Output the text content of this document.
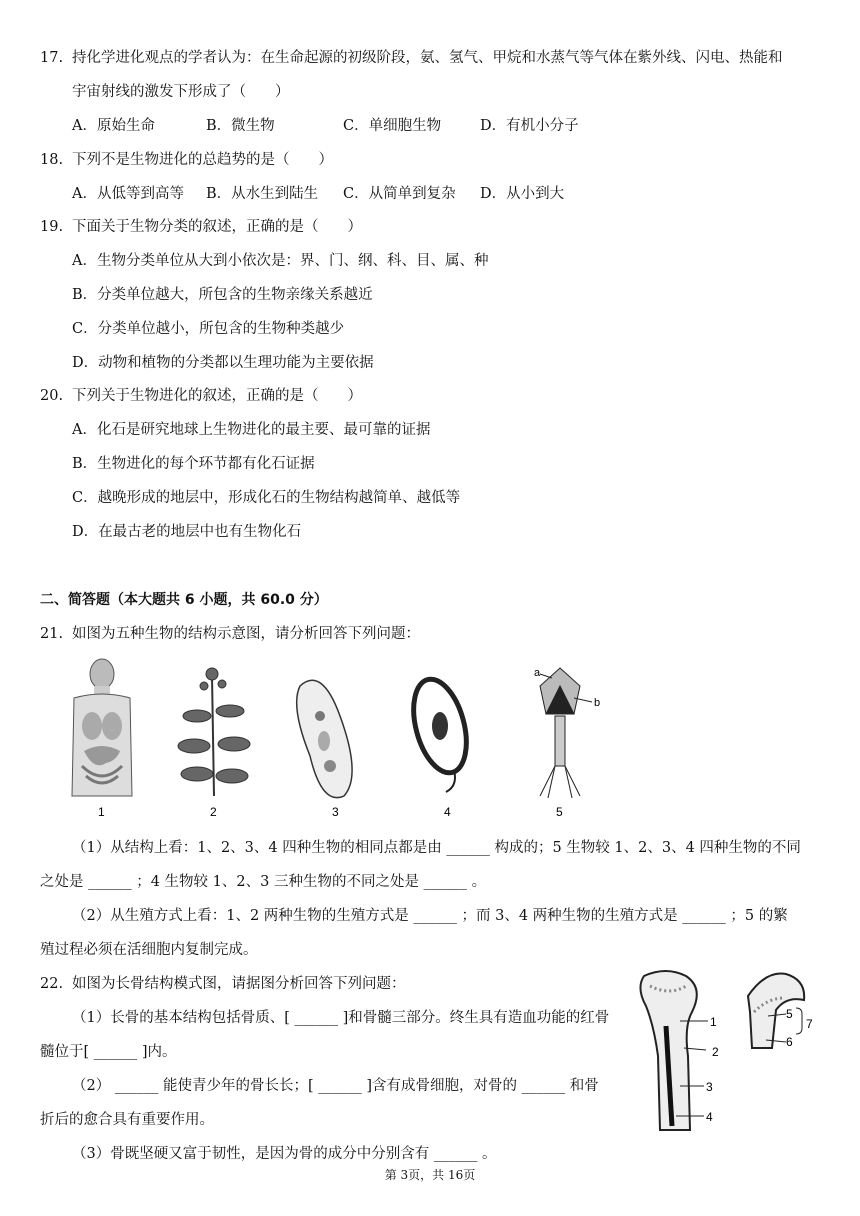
17. 持化学进化观点的学者认为：在生命起源的初级阶段，氨、氢气、甲烷和水蒸气等气体在紫外线、闪电、热能和
宇宙射线的激发下形成了（　　）
A．原始生命	B．微生物	C．单细胞生物	D．有机小分子
18. 下列不是生物进化的总趋势的是（　　）
A．从低等到高等 B．从水生到陆生 C．从简单到复杂 D．从小到大
19. 下面关于生物分类的叙述，正确的是（　　）
A．生物分类单位从大到小依次是：界、门、纲、科、目、属、种
B．分类单位越大，所包含的生物亲缘关系越近
C．分类单位越小，所包含的生物种类越少
D．动物和植物的分类都以生理功能为主要依据
20. 下列关于生物进化的叙述，正确的是（　　）
A．化石是研究地球上生物进化的最主要、最可靠的证据
B．生物进化的每个环节都有化石证据
C．越晚形成的地层中，形成化石的生物结构越简单、越低等
D．在最古老的地层中也有生物化石
二、简答题（本大题共 6 小题，共 60.0 分）
21. 如图为五种生物的结构示意图，请分析回答下列问题：
1	2	3	4
a
b
5
（1）从结构上看：1、2、3、4 四种生物的相同点都是由 ______ 构成的；5 生物较 1、2、3、4 四种生物的不同
之处是 ______ ；4 生物较 1、2、3 三种生物的不同之处是 ______ 。
（2）从生殖方式上看：1、2 两种生物的生殖方式是 ______ ；而 3、4 两种生物的生殖方式是 ______ ；5 的繁
殖过程必须在活细胞内复制完成。
22. 如图为长骨结构模式图，请据图分析回答下列问题：
（1）长骨的基本结构包括骨质、[ ______ ]和骨髓三部分。终生具有造血功能的红骨
髓位于[ ______ ]内。
（2） ______ 能使青少年的骨长长；[ ______ ]含有成骨细胞，对骨的 ______ 和骨
折后的愈合具有重要作用。
（3）骨既坚硬又富于韧性，是因为骨的成分中分别含有 ______ 。
1
2
3
4
5
6
7
第 3页，共 16页
